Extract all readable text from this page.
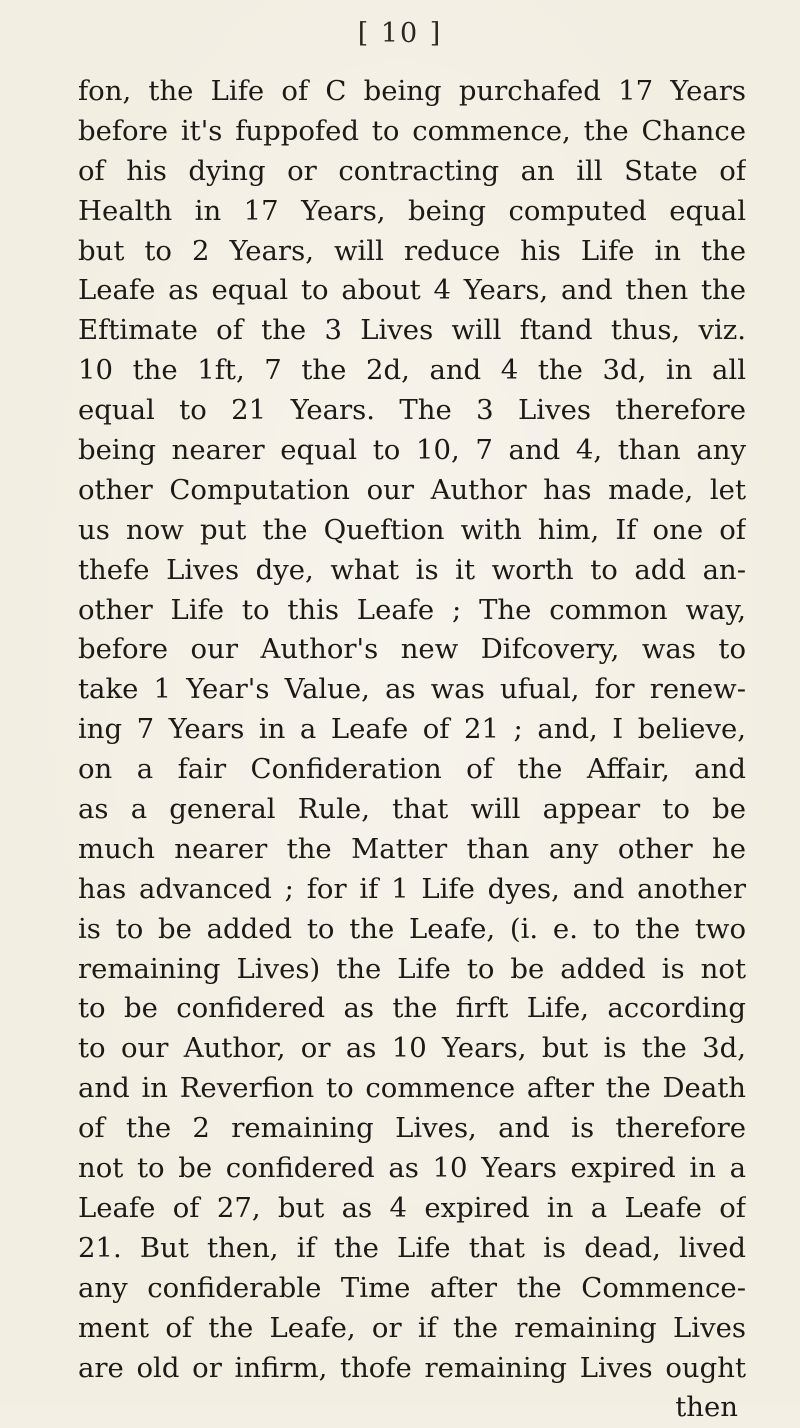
[ 10 ]
fon, the Life of C being purchafed 17 Years
before it's fuppofed to commence, the Chance
of his dying or contracting an ill State of
Health in 17 Years, being computed equal
but to 2 Years, will reduce his Life in the
Leafe as equal to about 4 Years, and then the
Eftimate of the 3 Lives will ftand thus, viz.
10 the 1ft, 7 the 2d, and 4 the 3d, in all
equal to 21 Years. The 3 Lives therefore
being nearer equal to 10, 7 and 4, than any
other Computation our Author has made, let
us now put the Queftion with him, If one of
thefe Lives dye, what is it worth to add an-
other Life to this Leafe ; The common way,
before our Author's new Difcovery, was to
take 1 Year's Value, as was ufual, for renew-
ing 7 Years in a Leafe of 21 ; and, I believe,
on a fair Confideration of the Affair, and
as a general Rule, that will appear to be
much nearer the Matter than any other he
has advanced ; for if 1 Life dyes, and another
is to be added to the Leafe, (i. e. to the two
remaining Lives) the Life to be added is not
to be confidered as the firft Life, according
to our Author, or as 10 Years, but is the 3d,
and in Reverfion to commence after the Death
of the 2 remaining Lives, and is therefore
not to be confidered as 10 Years expired in a
Leafe of 27, but as 4 expired in a Leafe of
21. But then, if the Life that is dead, lived
any confiderable Time after the Commence-
ment of the Leafe, or if the remaining Lives
are old or infirm, thofe remaining Lives ought
then
